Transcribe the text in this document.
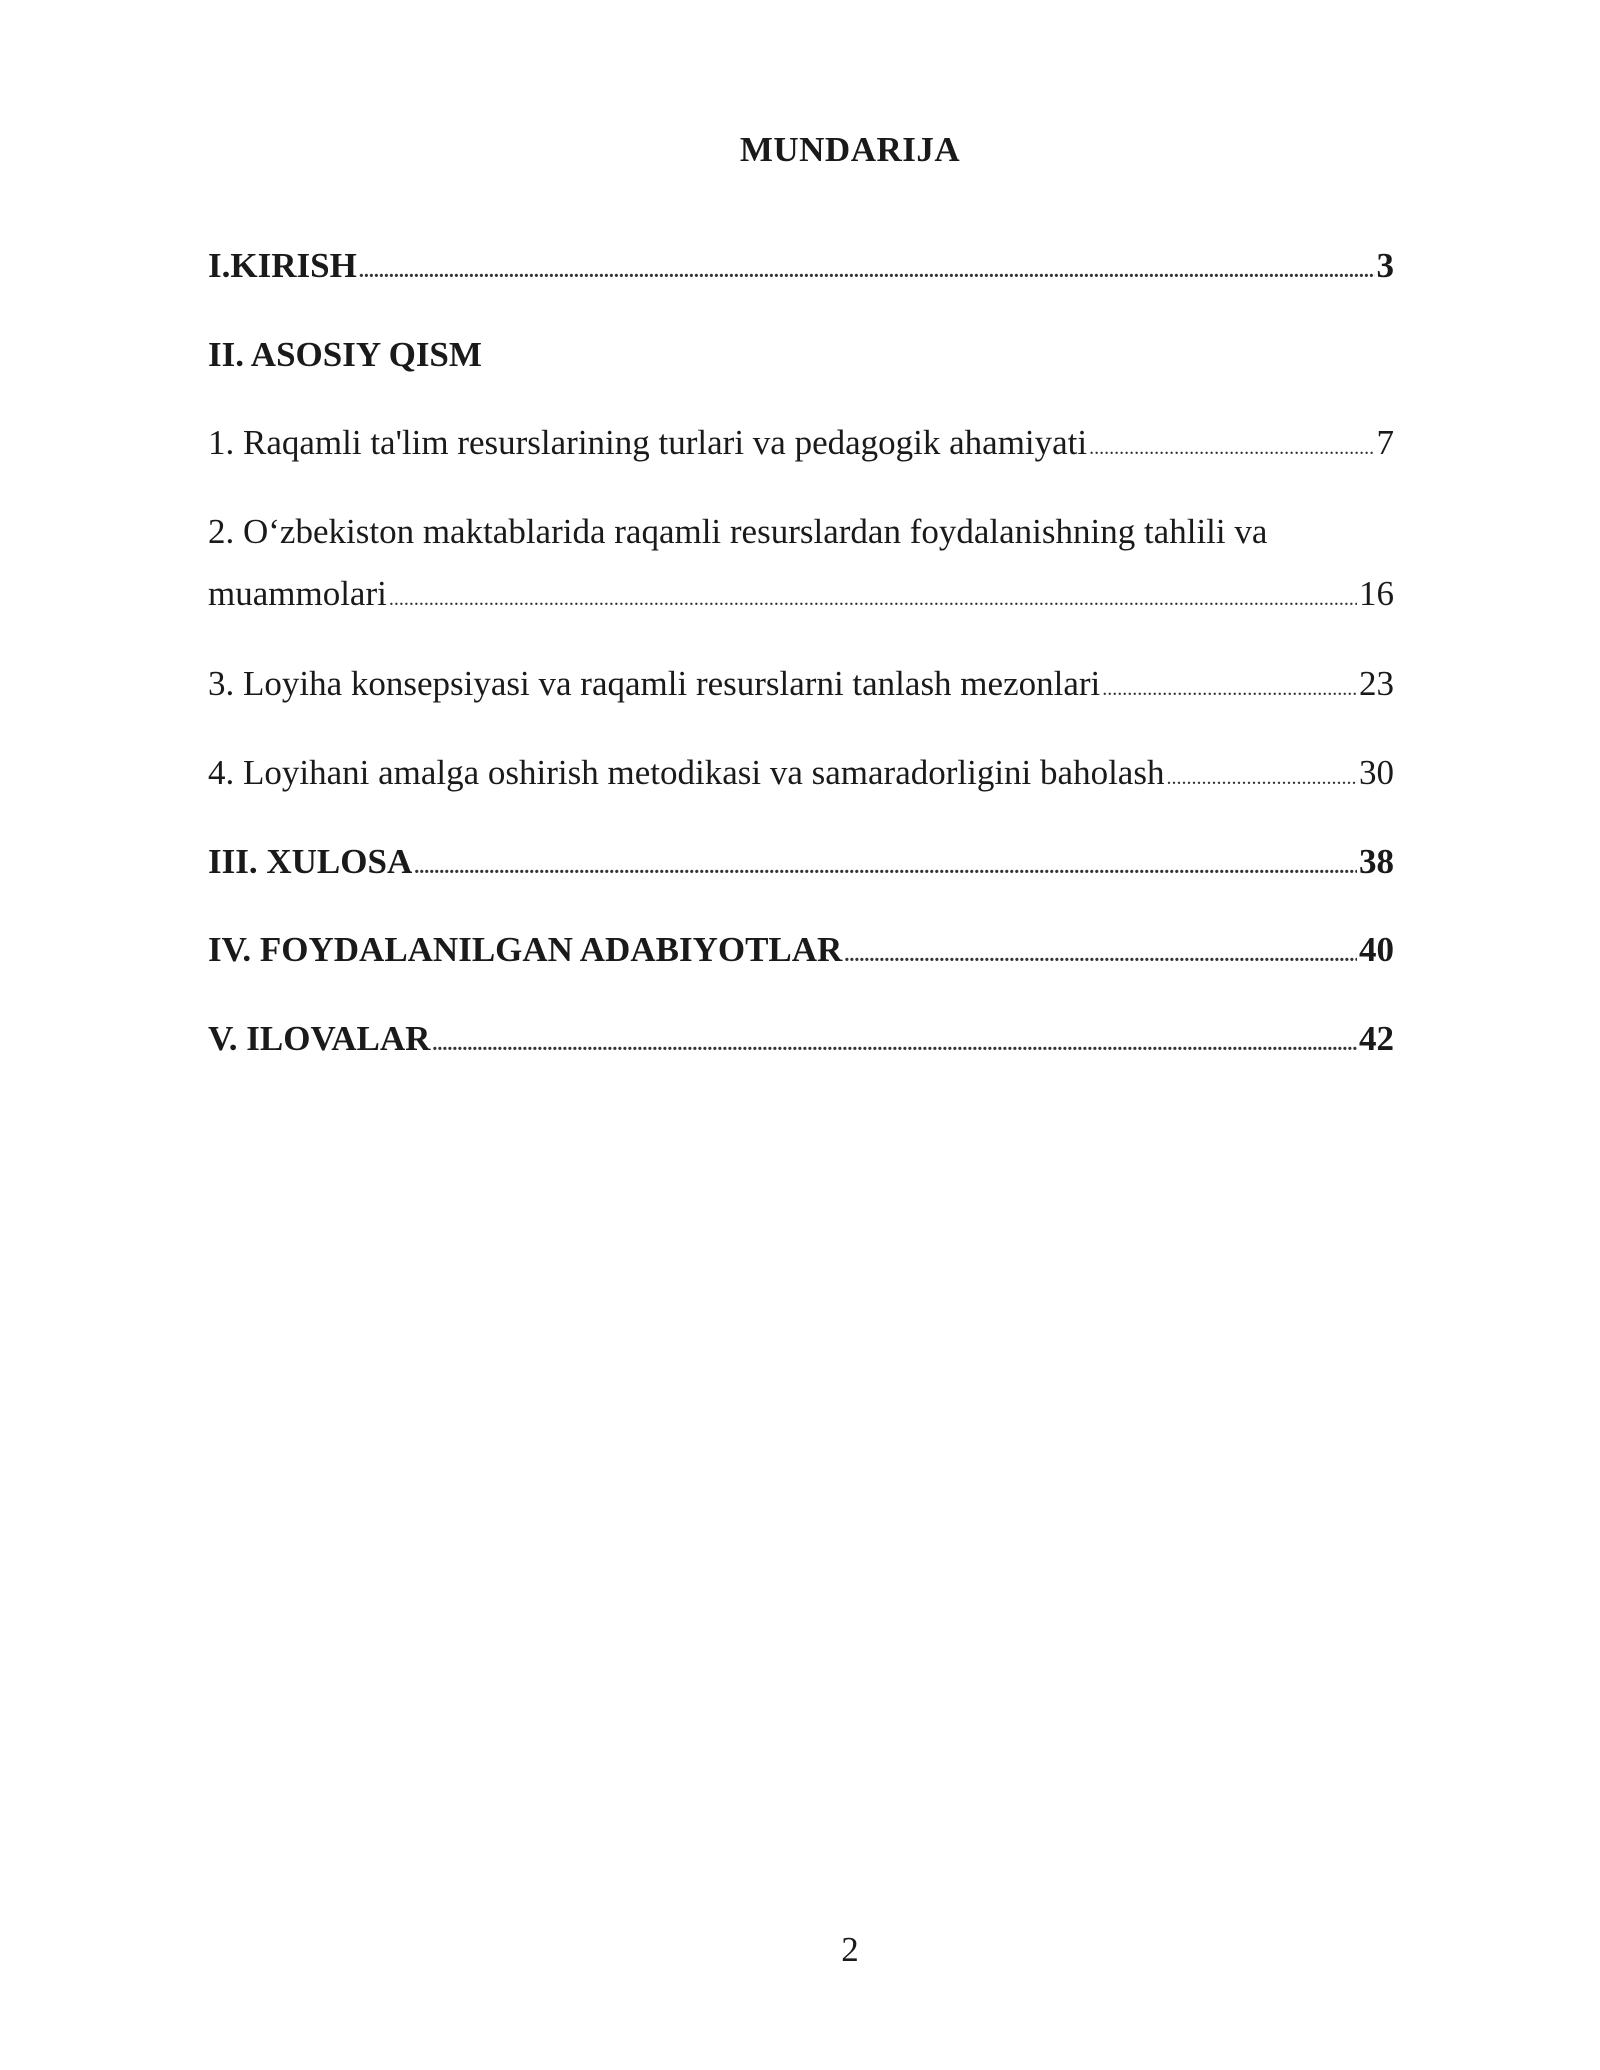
MUNDARIJA
I.KIRISH .....	3
II. ASOSIY QISM
1. Raqamli ta'lim resurslarining turlari va pedagogik ahamiyati .....	7
2. O‘zbekiston maktablarida raqamli resurslardan foydalanishning tahlili va
muammolari .....	16
3. Loyiha konsepsiyasi va raqamli resurslarni tanlash mezonlari .....	23
4. Loyihani amalga oshirish metodikasi va samaradorligini baholash .....	30
III. XULOSA .....	38
IV. FOYDALANILGAN ADABIYOTLAR .....	40
V. ILOVALAR .....	42
2
